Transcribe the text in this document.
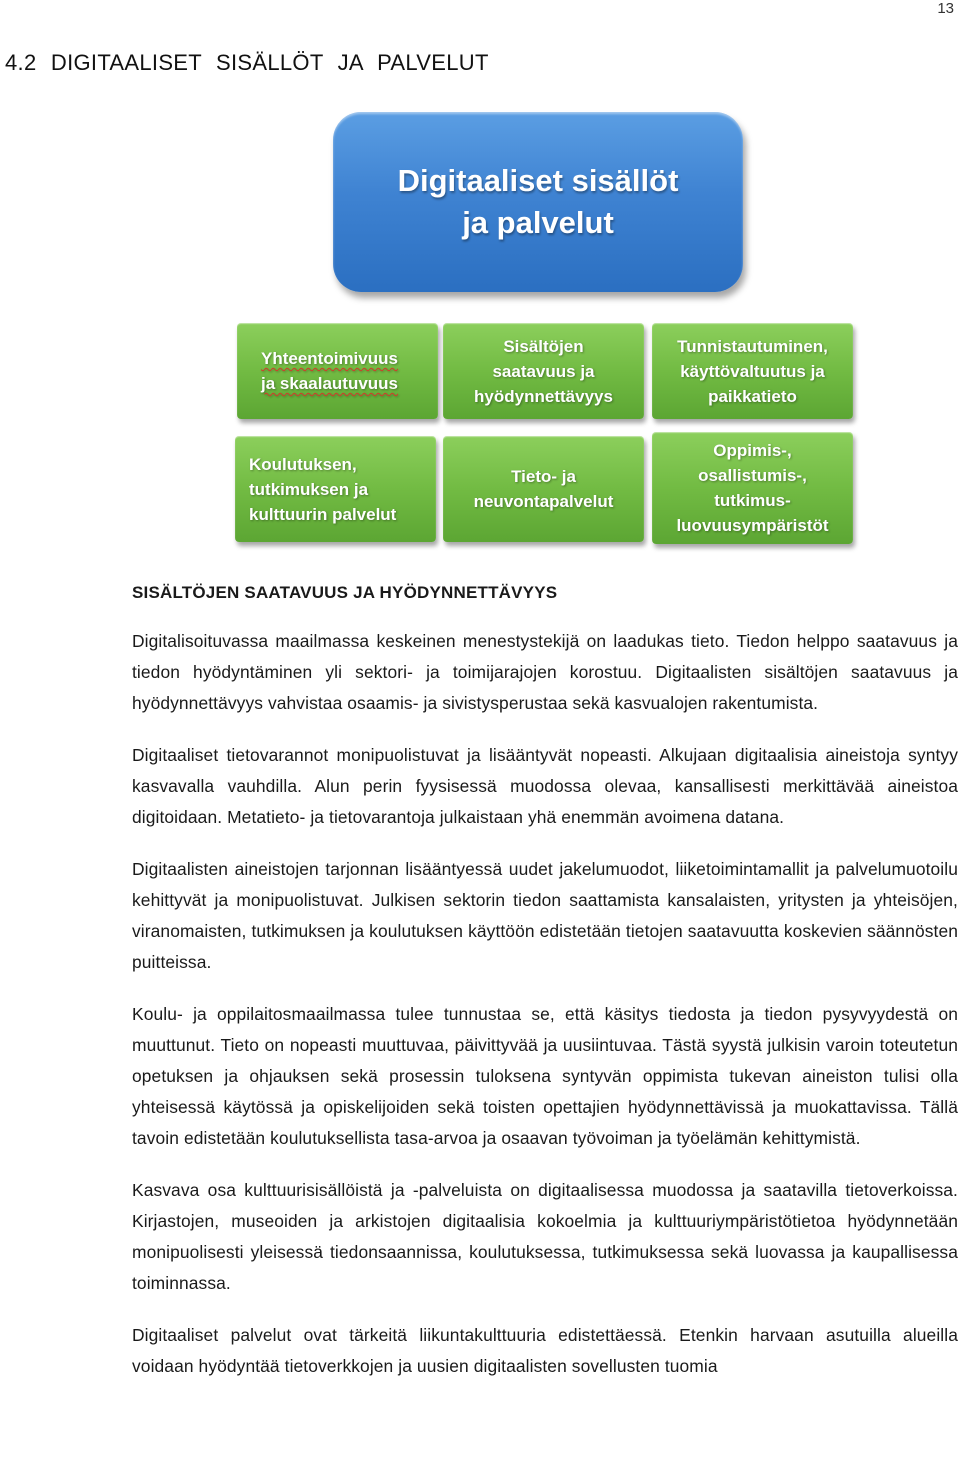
13
4.2 DIGITAALISET SISÄLLÖT JA PALVELUT
Digitaaliset sisällöt
ja palvelut
Yhteentoimivuus
ja skaalautuvuus
Sisältöjen
saatavuus ja
hyödynnettävyys
Tunnistautuminen,
käyttövaltuutus ja
paikkatieto
Koulutuksen,
tutkimuksen ja
kulttuurin palvelut
Tieto- ja
neuvontapalvelut
Oppimis-,
osallistumis-,
tutkimus-
luovuusympäristöt
SISÄLTÖJEN SAATAVUUS JA HYÖDYNNETTÄVYYS

Digitalisoituvassa maailmassa keskeinen menestystekijä on laadukas tieto. Tiedon helppo saatavuus ja tiedon hyödyntäminen yli sektori- ja toimijarajojen korostuu. Digitaalisten sisältöjen saatavuus ja hyödynnettävyys vahvistaa osaamis- ja sivistysperustaa sekä kasvualojen rakentumista.

Digitaaliset tietovarannot monipuolistuvat ja lisääntyvät nopeasti. Alkujaan digitaalisia aineistoja syntyy kasvavalla vauhdilla. Alun perin fyysisessä muodossa olevaa, kansallisesti merkittävää aineistoa digitoidaan. Metatieto- ja tietovarantoja julkaistaan yhä enemmän avoimena datana.

Digitaalisten aineistojen tarjonnan lisääntyessä uudet jakelumuodot, liiketoimintamallit ja palvelumuotoilu kehittyvät ja monipuolistuvat. Julkisen sektorin tiedon saattamista kansalaisten, yritysten ja yhteisöjen, viranomaisten, tutkimuksen ja koulutuksen käyttöön edistetään tietojen saatavuutta koskevien säännösten puitteissa.

Koulu- ja oppilaitosmaailmassa tulee tunnustaa se, että käsitys tiedosta ja tiedon pysyvyydestä on muuttunut. Tieto on nopeasti muuttuvaa, päivittyvää ja uusiintuvaa. Tästä syystä julkisin varoin toteutetun opetuksen ja ohjauksen sekä prosessin tuloksena syntyvän oppimista tukevan aineiston tulisi olla yhteisessä käytössä ja opiskelijoiden sekä toisten opettajien hyödynnettävissä ja muokattavissa. Tällä tavoin edistetään koulutuksellista tasa-arvoa ja osaavan työvoiman ja työelämän kehittymistä.

Kasvava osa kulttuurisisällöistä ja -palveluista on digitaalisessa muodossa ja saatavilla tietoverkoissa. Kirjastojen, museoiden ja arkistojen digitaalisia kokoelmia ja kulttuuriympäristötietoa hyödynnetään monipuolisesti yleisessä tiedonsaannissa, koulutuksessa, tutkimuksessa sekä luovassa ja kaupallisessa toiminnassa.

Digitaaliset palvelut ovat tärkeitä liikuntakulttuuria edistettäessä. Etenkin harvaan asutuilla alueilla voidaan hyödyntää tietoverkkojen ja uusien digitaalisten sovellusten tuomia
